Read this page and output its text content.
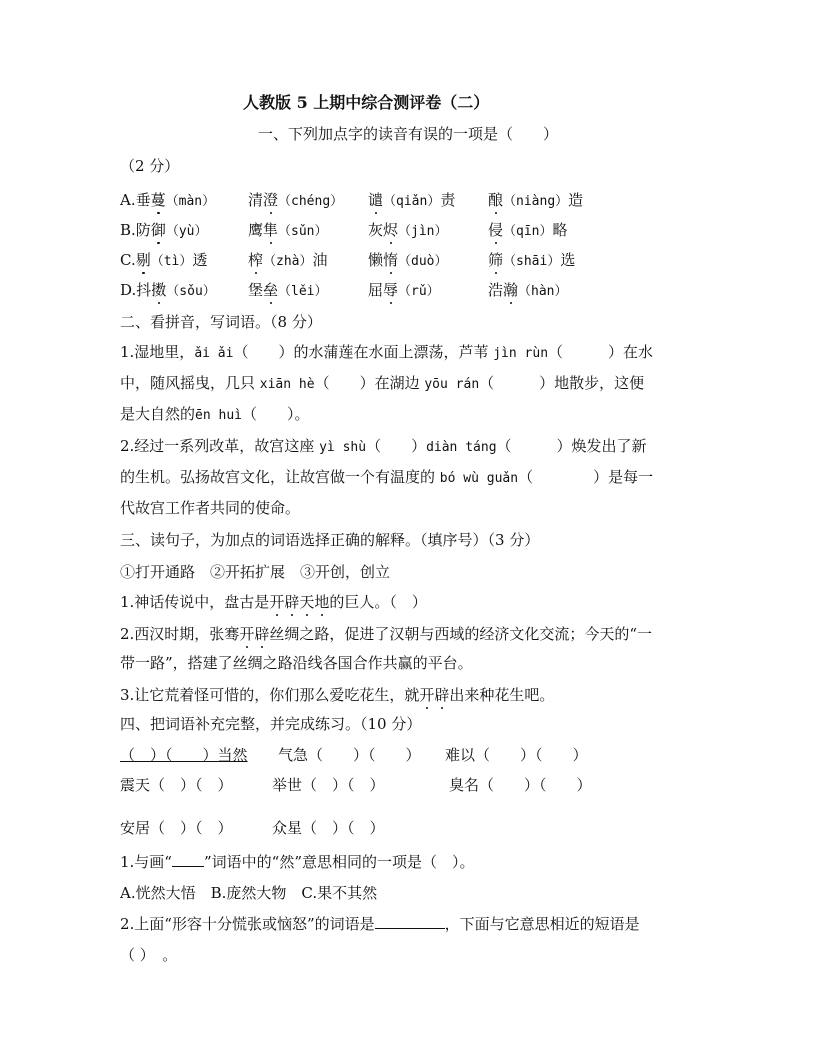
人教版 5 上期中综合测评卷（二）
一、下列加点字的读音有误的一项是（　　）
（2 分）
A.垂蔓（màn） 清澄（chéng） 谴（qiǎn）责 酿（niàng）造
B.防御（yù）	鹰隼（sǔn）	灰烬（jìn）	侵（qīn）略
C.剔（tì）透	榨（zhà）油	懒惰（duò）	筛（shāi）选
D.抖擞（sǒu） 堡垒（lěi）	屈辱（rǔ）	浩瀚（hàn）
二、看拼音，写词语。（8 分）
1.湿地里，ǎi ǎi（　　）的水蒲莲在水面上漂荡，芦苇 jìn rùn（　　　）在水
中，随风摇曳，几只 xiān hè（　　）在湖边 yōu rán（　　　）地散步，这便
是大自然的ēn huì（　　）。
2.经过一系列改革，故宫这座 yì shù（　　）diàn táng（　　　）焕发出了新
的生机。弘扬故宫文化，让故宫做一个有温度的 bó wù guǎn（　　　　）是每一
代故宫工作者共同的使命。
三、读句子，为加点的词语选择正确的解释。（填序号）（3 分）
①打开通路　②开拓扩展　③开创，创立
1.神话传说中，盘古是开辟天地的巨人。（　）
2.西汉时期，张骞开辟丝绸之路，促进了汉朝与西域的经济文化交流；今天的“一
带一路”，搭建了丝绸之路沿线各国合作共赢的平台。
3.让它荒着怪可惜的，你们那么爱吃花生，就开辟出来种花生吧。
四、把词语补充完整，并完成练习。（10 分）
（　）（　　）当然 气急（　　）（　　） 难以（　　）（　　）
震天（　）（　）	举世（　）（　）	臭名（　　）（　　）
安居（　）（　）	众星（　）（　）
1.与画“ ”词语中的“然”意思相同的一项是（　）。
A.恍然大悟　B.庞然大物　C.果不其然
2.上面“形容十分慌张或恼怒”的词语是	，下面与它意思相近的短语是
（ ）　。
